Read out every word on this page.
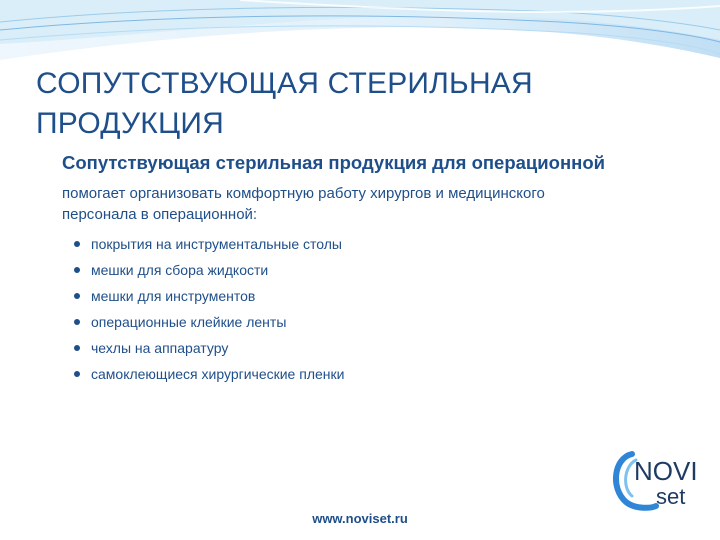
СОПУТСТВУЮЩАЯ СТЕРИЛЬНАЯ
ПРОДУКЦИЯ

Сопутствующая стерильная продукция для операционной

помогает организовать комфортную работу хирургов и медицинского
персонала в операционной:

покрытия на инструментальные столы
мешки для сбора жидкости
мешки для инструментов
операционные клейкие ленты
чехлы на аппаратуру
самоклеющиеся хирургические пленки
NOVI
set
www.noviset.ru
